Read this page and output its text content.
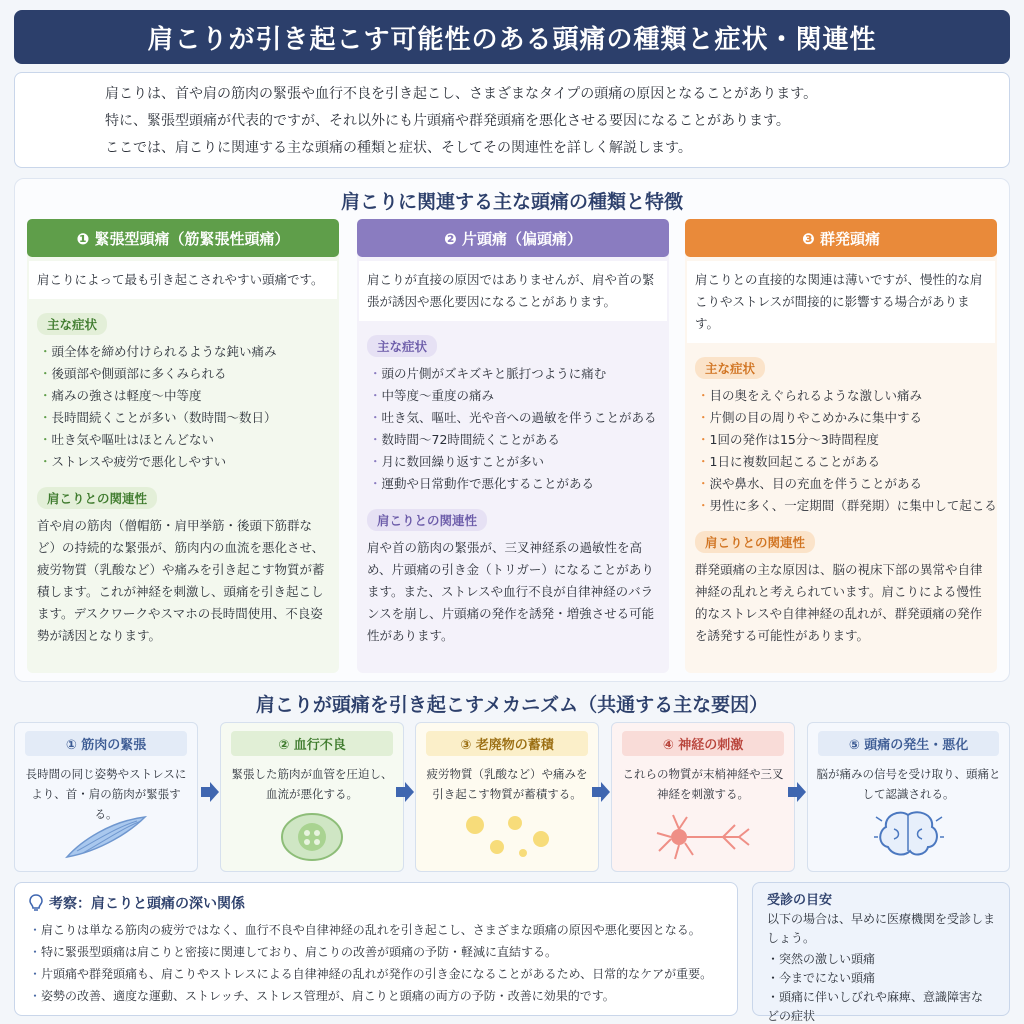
肩こりが引き起こす可能性のある頭痛の種類と症状・関連性

肩こりは、首や肩の筋肉の緊張や血行不良を引き起こし、さまざまなタイプの頭痛の原因となることがあります。

特に、緊張型頭痛が代表的ですが、それ以外にも片頭痛や群発頭痛を悪化させる要因になることがあります。

ここでは、肩こりに関連する主な頭痛の種類と症状、そしてその関連性を詳しく解説します。

肩こりに関連する主な頭痛の種類と特徴
❶ 緊張型頭痛（筋緊張性頭痛）
肩こりによって最も引き起こされやすい頭痛です。
主な症状
・ 頭全体を締め付けられるような鈍い痛み
・ 後頭部や側頭部に多くみられる
・ 痛みの強さは軽度〜中等度
・ 長時間続くことが多い（数時間〜数日）
・ 吐き気や嘔吐はほとんどない
・ ストレスや疲労で悪化しやすい
肩こりとの関連性

首や肩の筋肉（僧帽筋・肩甲挙筋・後頭下筋群など）の持続的な緊張が、筋肉内の血流を悪化させ、疲労物質（乳酸など）や痛みを引き起こす物質が蓄積します。これが神経を刺激し、頭痛を引き起こします。デスクワークやスマホの長時間使用、不良姿勢が誘因となります。

❷ 片頭痛（偏頭痛）
肩こりが直接の原因ではありませんが、肩や首の緊張が誘因や悪化要因になることがあります。
主な症状
・ 頭の片側がズキズキと脈打つように痛む
・ 中等度〜重度の痛み
・ 吐き気、嘔吐、光や音への過敏を伴うことがある
・ 数時間〜72時間続くことがある
・ 月に数回繰り返すことが多い
・ 運動や日常動作で悪化することがある
肩こりとの関連性

肩や首の筋肉の緊張が、三叉神経系の過敏性を高め、片頭痛の引き金（トリガー）になることがあります。また、ストレスや血行不良が自律神経のバランスを崩し、片頭痛の発作を誘発・増強させる可能性があります。

❸ 群発頭痛
肩こりとの直接的な関連は薄いですが、慢性的な肩こりやストレスが間接的に影響する場合があります。
主な症状
・ 目の奥をえぐられるような激しい痛み
・ 片側の目の周りやこめかみに集中する
・ 1回の発作は15分〜3時間程度
・ 1日に複数回起こることがある
・ 涙や鼻水、目の充血を伴うことがある
・ 男性に多く、一定期間（群発期）に集中して起こる
肩こりとの関連性

群発頭痛の主な原因は、脳の視床下部の異常や自律神経の乱れと考えられています。肩こりによる慢性的なストレスや自律神経の乱れが、群発頭痛の発作を誘発する可能性があります。

肩こりが頭痛を引き起こすメカニズム（共通する主な要因）
① 筋肉の緊張
長時間の同じ姿勢やストレスにより、首・肩の筋肉が緊張する。
② 血行不良
緊張した筋肉が血管を圧迫し、血流が悪化する。
③ 老廃物の蓄積
疲労物質（乳酸など）や痛みを引き起こす物質が蓄積する。
④ 神経の刺激
これらの物質が末梢神経や三叉神経を刺激する。
⑤ 頭痛の発生・悪化
脳が痛みの信号を受け取り、頭痛として認識される。
考察：肩こりと頭痛の深い関係
・ 肩こりは単なる筋肉の疲労ではなく、血行不良や自律神経の乱れを引き起こし、さまざまな頭痛の原因や悪化要因となる。
・ 特に緊張型頭痛は肩こりと密接に関連しており、肩こりの改善が頭痛の予防・軽減に直結する。
・ 片頭痛や群発頭痛も、肩こりやストレスによる自律神経の乱れが発作の引き金になることがあるため、日常的なケアが重要。
・ 姿勢の改善、適度な運動、ストレッチ、ストレス管理が、肩こりと頭痛の両方の予防・改善に効果的です。
受診の目安

以下の場合は、早めに医療機関を受診しましょう。

・ 突然の激しい頭痛
・ 今までにない頭痛
・ 頭痛に伴いしびれや麻痺、意識障害などの症状
